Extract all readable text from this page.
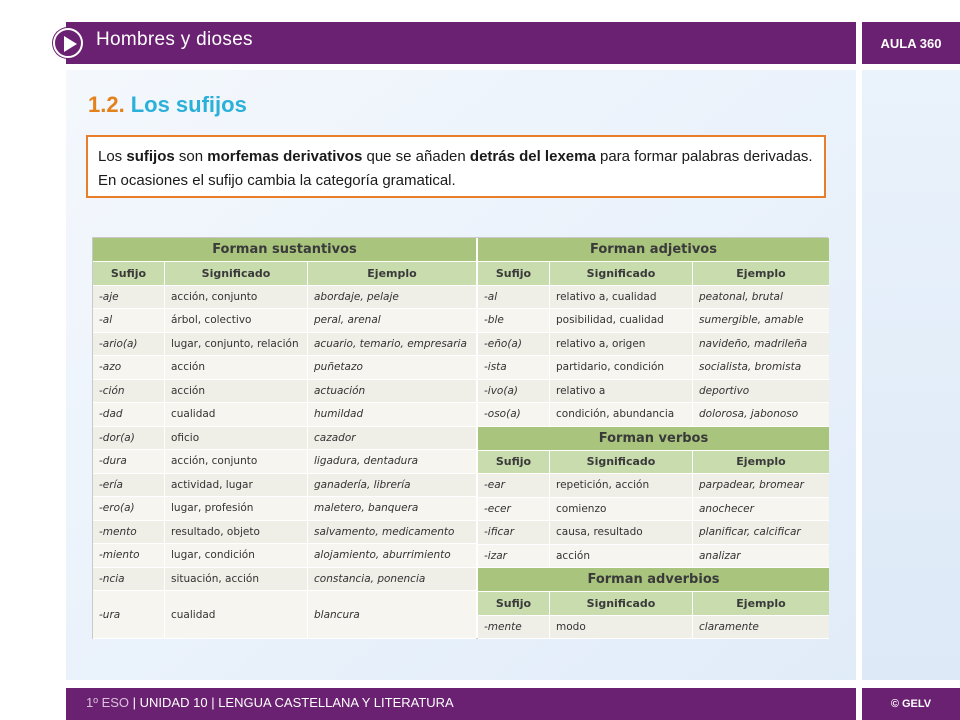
Hombres y dioses	AULA 360
1.2. Los sufijos
Los sufijos son morfemas derivativos que se añaden detrás del lexema para formar palabras derivadas. En ocasiones el sufijo cambia la categoría gramatical.
Forman sustantivos
Sufijo	Significado	Ejemplo
-aje	acción, conjunto	abordaje, pelaje
-al	árbol, colectivo	peral, arenal
-ario(a)	lugar, conjunto, relación	acuario, temario, empresaria
-azo	acción	puñetazo
-ción	acción	actuación
-dad	cualidad	humildad
-dor(a)	oficio	cazador
-dura	acción, conjunto	ligadura, dentadura
-ería	actividad, lugar	ganadería, librería
-ero(a)	lugar, profesión	maletero, banquera
-mento	resultado, objeto	salvamento, medicamento
-miento	lugar, condición	alojamiento, aburrimiento
-ncia	situación, acción	constancia, ponencia
-ura	cualidad	blancura
Forman adjetivos
Sufijo	Significado	Ejemplo
-al	relativo a, cualidad	peatonal, brutal
-ble	posibilidad, cualidad	sumergible, amable
-eño(a)	relativo a, origen	navideño, madrileña
-ista	partidario, condición	socialista, bromista
-ivo(a)	relativo a	deportivo
-oso(a)	condición, abundancia	dolorosa, jabonoso
Forman verbos
Sufijo	Significado	Ejemplo
-ear	repetición, acción	parpadear, bromear
-ecer	comienzo	anochecer
-ificar	causa, resultado	planificar, calcificar
-izar	acción	analizar
Forman adverbios
Sufijo	Significado	Ejemplo
-mente	modo	claramente
1º ESO | UNIDAD 10 | LENGUA CASTELLANA Y LITERATURA	© GELV
